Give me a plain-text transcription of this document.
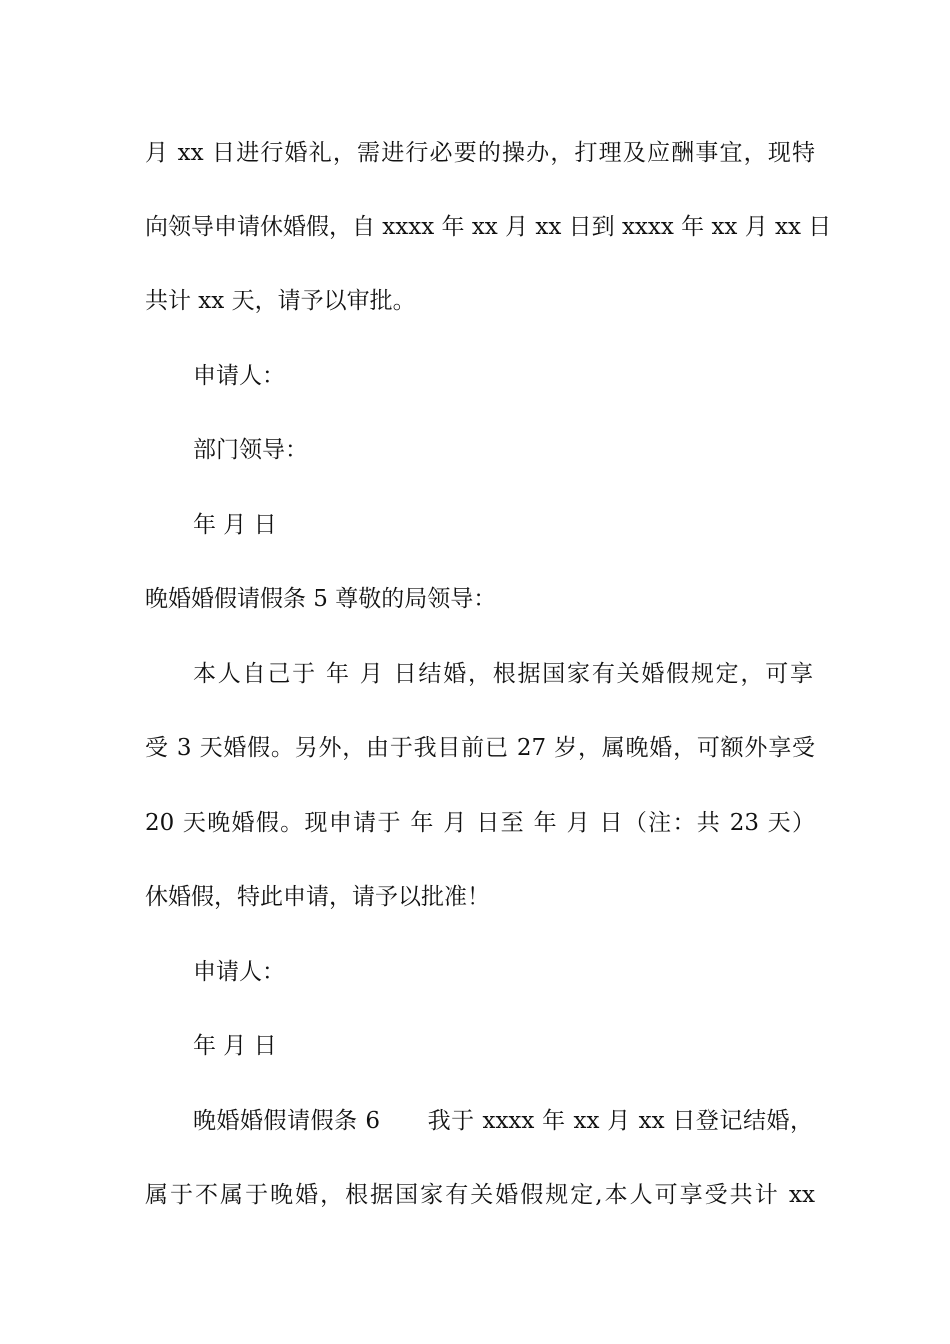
月 xx 日进行婚礼，需进行必要的操办，打理及应酬事宜，现特
向领导申请休婚假，自 xxxx 年 xx 月 xx 日到 xxxx 年 xx 月 xx 日
共计 xx 天，请予以审批。
申请人：
部门领导：
年 月 日
晚婚婚假请假条 5 尊敬的局领导：
本人自己于 年 月 日结婚，根据国家有关婚假规定，可享
受 3 天婚假。另外，由于我目前已 27 岁，属晚婚，可额外享受
20 天晚婚假。现申请于 年 月 日至 年 月 日（注：共 23 天）
休婚假，特此申请，请予以批准！
申请人：
年 月 日
晚婚婚假请假条 6　　我于 xxxx 年 xx 月 xx 日登记结婚，
属于不属于晚婚，根据国家有关婚假规定,本人可享受共计 xx
